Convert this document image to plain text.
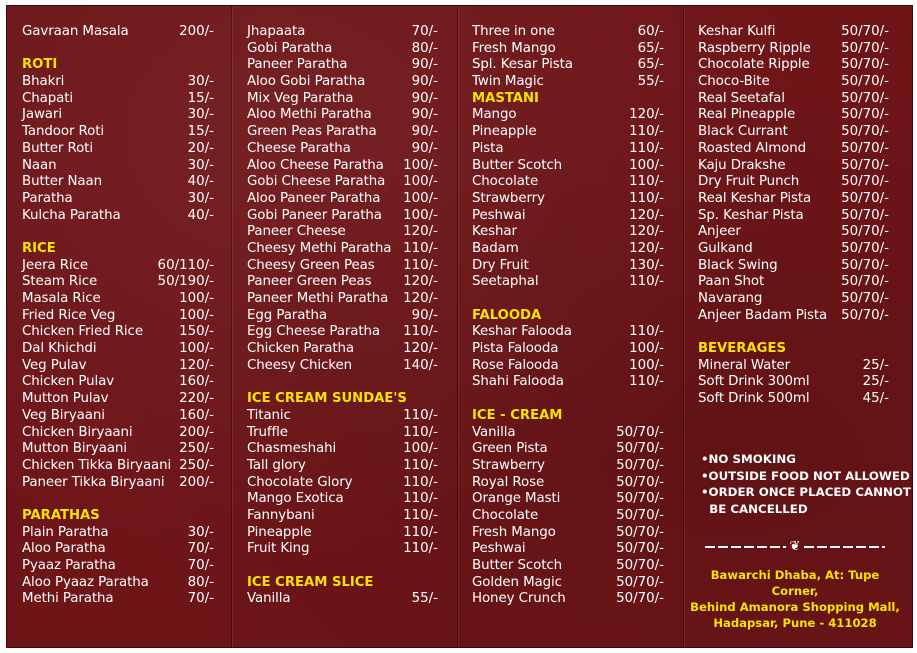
Gavraan Masala	200/-
ROTI
Bhakri	30/-
Chapati	15/-
Jawari	30/-
Tandoor Roti	15/-
Butter Roti	20/-
Naan	30/-
Butter Naan	40/-
Paratha	30/-
Kulcha Paratha	40/-
RICE
Jeera Rice	60/110/-
Steam Rice	50/190/-
Masala Rice	100/-
Fried Rice Veg	100/-
Chicken Fried Rice	150/-
Dal Khichdi	100/-
Veg Pulav	120/-
Chicken Pulav	160/-
Mutton Pulav	220/-
Veg Biryaani	160/-
Chicken Biryaani	200/-
Mutton Biryaani	250/-
Chicken Tikka Biryaani 250/-
Paneer Tikka Biryaani 200/-
PARATHAS
Plain Paratha	30/-
Aloo Paratha	70/-
Pyaaz Paratha	70/-
Aloo Pyaaz Paratha	80/-
Methi Paratha	70/-
Jhapaata	70/-
Gobi Paratha	80/-
Paneer Paratha	90/-
Aloo Gobi Paratha	90/-
Mix Veg Paratha	90/-
Aloo Methi Paratha	90/-
Green Peas Paratha	90/-
Cheese Paratha	90/-
Aloo Cheese Paratha 100/-
Gobi Cheese Paratha 100/-
Aloo Paneer Paratha 100/-
Gobi Paneer Paratha 100/-
Paneer Cheese	120/-
Cheesy Methi Paratha 110/-
Cheesy Green Peas 110/-
Paneer Green Peas 120/-
Paneer Methi Paratha 120/-
Egg Paratha	90/-
Egg Cheese Paratha 110/-
Chicken Paratha	120/-
Cheesy Chicken	140/-
ICE CREAM SUNDAE'S
Titanic	110/-
Truffle	110/-
Chasmeshahi	100/-
Tall glory	110/-
Chocolate Glory	110/-
Mango Exotica	110/-
Fannybani	110/-
Pineapple	110/-
Fruit King	110/-
ICE CREAM SLICE
Vanilla	55/-
Three in one	60/-
Fresh Mango	65/-
Spl. Kesar Pista	65/-
Twin Magic	55/-
MASTANI
Mango	120/-
Pineapple	110/-
Pista	110/-
Butter Scotch	100/-
Chocolate	110/-
Strawberry	110/-
Peshwai	120/-
Keshar	120/-
Badam	120/-
Dry Fruit	130/-
Seetaphal	110/-
FALOODA
Keshar Falooda	110/-
Pista Falooda	100/-
Rose Falooda	100/-
Shahi Falooda	110/-
ICE - CREAM
Vanilla	50/70/-
Green Pista	50/70/-
Strawberry	50/70/-
Royal Rose	50/70/-
Orange Masti	50/70/-
Chocolate	50/70/-
Fresh Mango	50/70/-
Peshwai	50/70/-
Butter Scotch	50/70/-
Golden Magic	50/70/-
Honey Crunch	50/70/-
Keshar Kulfi	50/70/-
Raspberry Ripple 50/70/-
Chocolate Ripple 50/70/-
Choco-Bite	50/70/-
Real Seetafal	50/70/-
Real Pineapple	50/70/-
Black Currant	50/70/-
Roasted Almond	50/70/-
Kaju Drakshe	50/70/-
Dry Fruit Punch	50/70/-
Real Keshar Pista 50/70/-
Sp. Keshar Pista	50/70/-
Anjeer	50/70/-
Gulkand	50/70/-
Black Swing	50/70/-
Paan Shot	50/70/-
Navarang	50/70/-
Anjeer Badam Pista 50/70/-
BEVERAGES
Mineral Water	25/-
Soft Drink 300ml	25/-
Soft Drink 500ml	45/-
•NO SMOKING
•OUTSIDE FOOD NOT ALLOWED
•ORDER ONCE PLACED CANNOT
BE CANCELLED
❦
Bawarchi Dhaba, At: Tupe Corner,
Behind Amanora Shopping Mall,
Hadapsar, Pune - 411028
